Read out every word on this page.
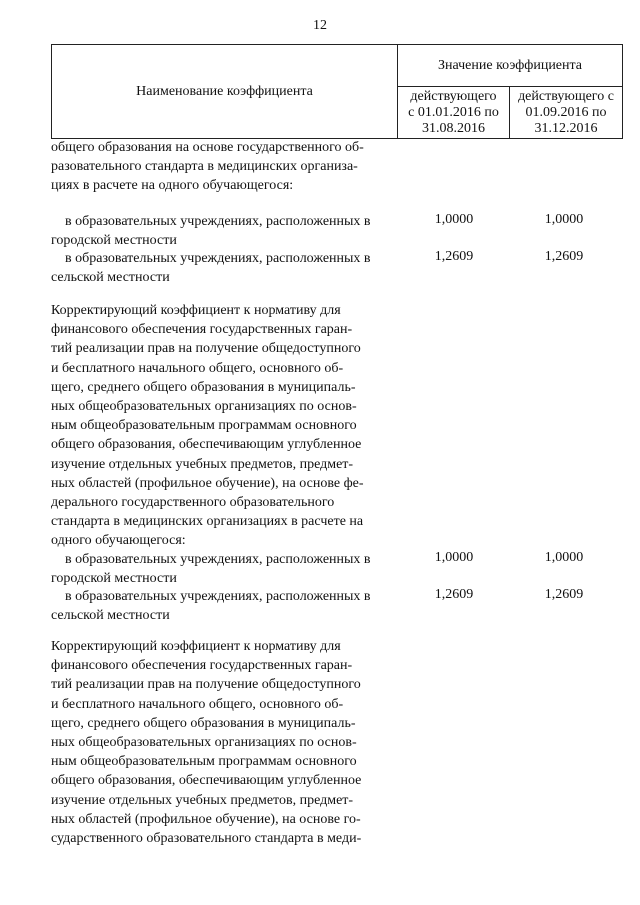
12
Наименование коэффициента
Значение коэффициента
действующего
с 01.01.2016 по
31.08.2016
действующего с
01.09.2016 по
31.12.2016
общего образования на основе государственного об-
разовательного стандарта в медицинских организа-
циях в расчете на одного обучающегося:
в образовательных учреждениях, расположенных в
городской местности
1,0000	1,0000
в образовательных учреждениях, расположенных в
сельской местности
1,2609	1,2609
Корректирующий коэффициент к нормативу для
финансового обеспечения государственных гаран-
тий реализации прав на получение общедоступного
и бесплатного начального общего, основного об-
щего, среднего общего образования в муниципаль-
ных общеобразовательных организациях по основ-
ным общеобразовательным программам основного
общего образования, обеспечивающим углубленное
изучение отдельных учебных предметов, предмет-
ных областей (профильное обучение), на основе фе-
дерального государственного образовательного
стандарта в медицинских организациях в расчете на
одного обучающегося:
в образовательных учреждениях, расположенных в
городской местности
1,0000	1,0000
в образовательных учреждениях, расположенных в
сельской местности
1,2609	1,2609
Корректирующий коэффициент к нормативу для
финансового обеспечения государственных гаран-
тий реализации прав на получение общедоступного
и бесплатного начального общего, основного об-
щего, среднего общего образования в муниципаль-
ных общеобразовательных организациях по основ-
ным общеобразовательным программам основного
общего образования, обеспечивающим углубленное
изучение отдельных учебных предметов, предмет-
ных областей (профильное обучение), на основе го-
сударственного образовательного стандарта в меди-
